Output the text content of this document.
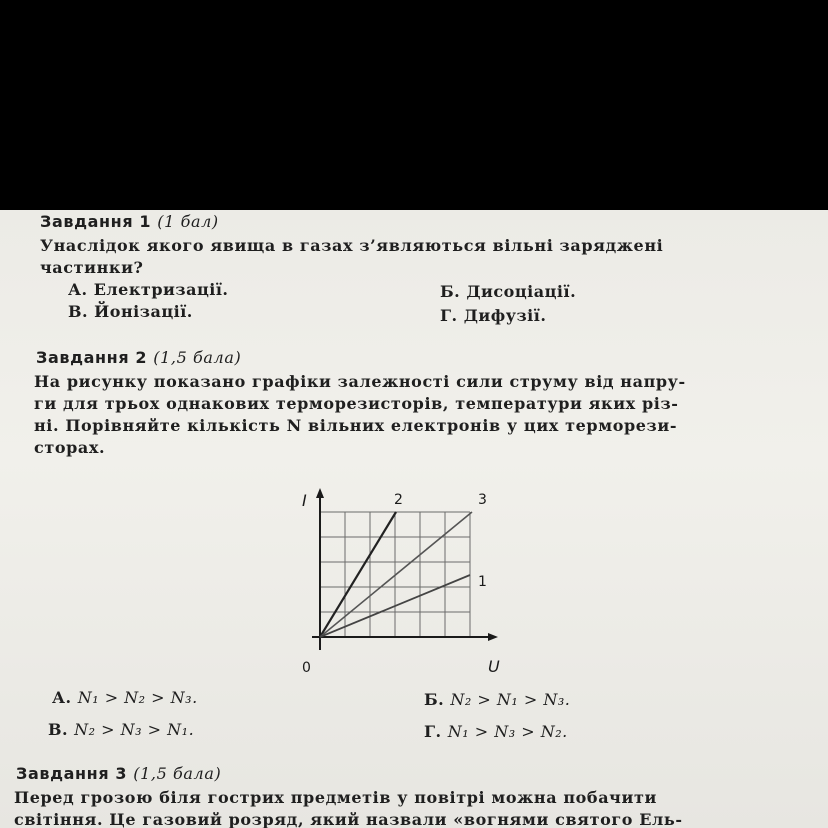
Завдання 1 (1 бал)
Унаслідок якого явища в газах з’являються вільні заряджені
частинки?
А. Електризації.	Б. Дисоціації.
В. Йонізації.	Г. Дифузії.
Завдання 2 (1,5 бала)
На рисунку показано графіки залежності сили струму від напру-
ги для трьох однакових терморезисторів, температури яких різ-
ні. Порівняйте кількість N вільних електронів у цих терморези-
сторах.
I
U
0
1
2	3
А. N₁ > N₂ > N₃.	Б. N₂ > N₁ > N₃.
В. N₂ > N₃ > N₁.	Г. N₁ > N₃ > N₂.
Завдання 3 (1,5 бала)
Перед грозою біля гострих предметів у повітрі можна побачити
світіння. Це газовий розряд, який назвали «вогнями святого Ель-
